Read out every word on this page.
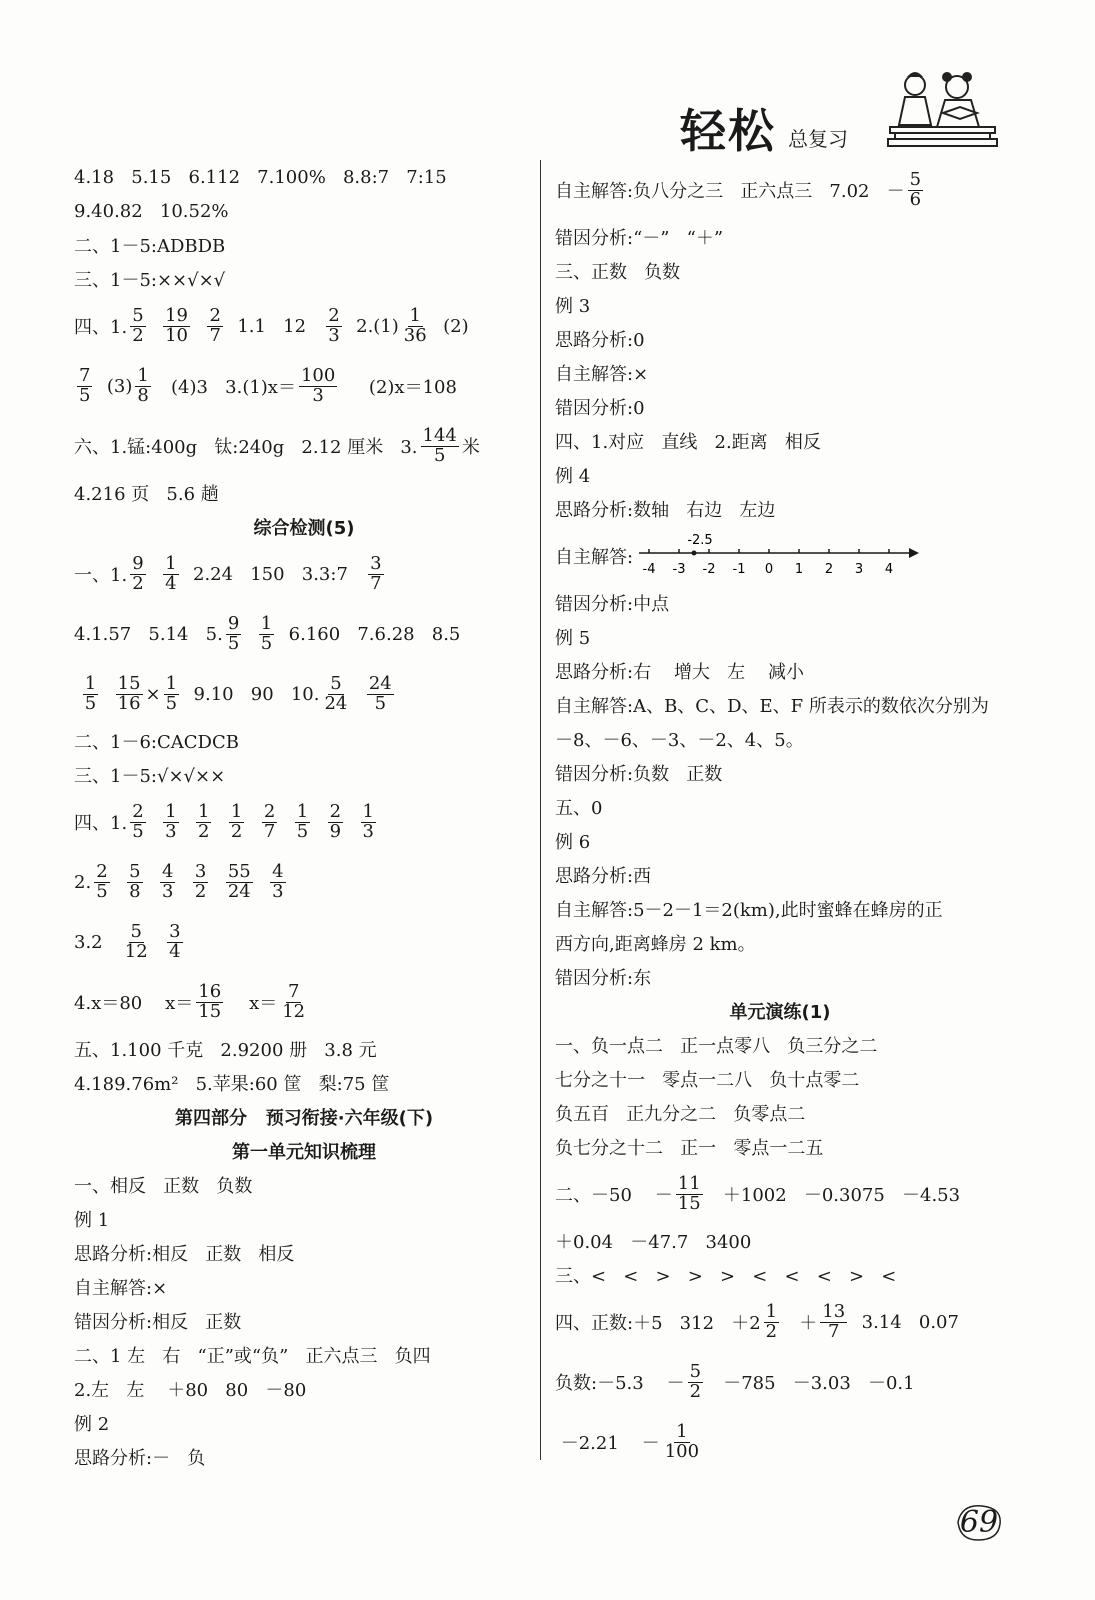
轻松 总复习
4.18   5.15   6.112   7.100%   8.8:7   7:15
9.40.82   10.52%
二、1－5:ADBDB
三、1－5:××√×√
四、1. $\frac{5}{2}$
$\frac{19}{10}$
$\frac{2}{7} 1.1$   $12 \frac{2}{3} 2.(1) \frac{1}{36} (2)$
$\frac{7}{5} (3) \frac{1}{8} (4)3$   $3.(1)x= \frac{100}{3} (2)x=108$
六、1.锰:400g   钛:240g   2.12 厘米   3. $\frac{144}{5}$ 米
4.216 页   5.6 趟
综合检测(5)
一、1. $\frac{9}{2}$
$\frac{1}{4} 2.24$   150   3.3:7 $\frac{3}{7}$
4.1.57   5.14   5. $\frac{9}{5}$
$\frac{1}{5} 6.160$   7.6.28   8.5

$\frac{1}{5}$
$\frac{15}{16} \times \frac{1}{5} 9.10$   90   10. $\frac{5}{24}$
$\frac{24}{5}$
二、1－6:CACDCB
三、1－5:√×√××
四、1. $\frac{2}{5}$
$\frac{1}{3}$
$\frac{1}{2}$
$\frac{1}{2}$
$\frac{2}{7}$
$\frac{1}{5}$
$\frac{2}{9}$
$\frac{1}{3}$
2. $\frac{2}{5}$
$\frac{5}{8}$
$\frac{4}{3}$
$\frac{3}{2}$
$\frac{55}{24}$
$\frac{4}{3}$
$3.2 \frac{5}{12}$
$\frac{3}{4}$
4.x＝80    $x= \frac{16}{15} x= \frac{7}{12}$
五、1.100 千克   2.9200 册   3.8 元
4.189.76m²   5.苹果:60 筐   梨:75 筐
第四部分   预习衔接·六年级(下)
第一单元知识梳理
一、相反   正数   负数
例 1
思路分析:相反   正数   相反
自主解答:×
错因分析:相反   正数
二、1 左   右   “正”或“负”   正六点三   负四
2.左   左    ＋80   80   －80
例 2
思路分析:－   负
自主解答:负八分之三   正六点三   $7.02 - \frac{5}{6}$
错因分析:“－”   “＋”
三、正数   负数
例 3
思路分析:0
自主解答:×
错因分析:0
四、1.对应   直线   2.距离   相反
例 4
思路分析:数轴   右边   左边
自主解答:
-4 -3 -2 -1 0 1 2 3 4
-2.5
错因分析:中点
例 5
思路分析:右    增大   左    减小
自主解答:A、B、C、D、E、F 所表示的数依次分别为
－8、－6、－3、－2、4、5。
错因分析:负数   正数
五、0
例 6
思路分析:西
自主解答:5－2－1＝2(km),此时蜜蜂在蜂房的正
西方向,距离蜂房 2 km。
错因分析:东
单元演练(1)
一、负一点二   正一点零八   负三分之二
七分之十一   零点一二八   负十点零二
负五百   正九分之二   负零点二
负七分之十二   正一   零点一二五
二、－50    － $\frac{11}{15} +1002 -0.3075 -4.53$
＋0.04   －47.7   3400
三、<   <   >   >   >   <   <   <   >   <
四、正数:＋5   $312 +2 \frac{1}{2} + \frac{13}{7} 3.14$   0.07
负数:－5.3    － $\frac{5}{2} -785 -3.03 -0.1$
－2.21    － $\frac{1}{100}$
69
